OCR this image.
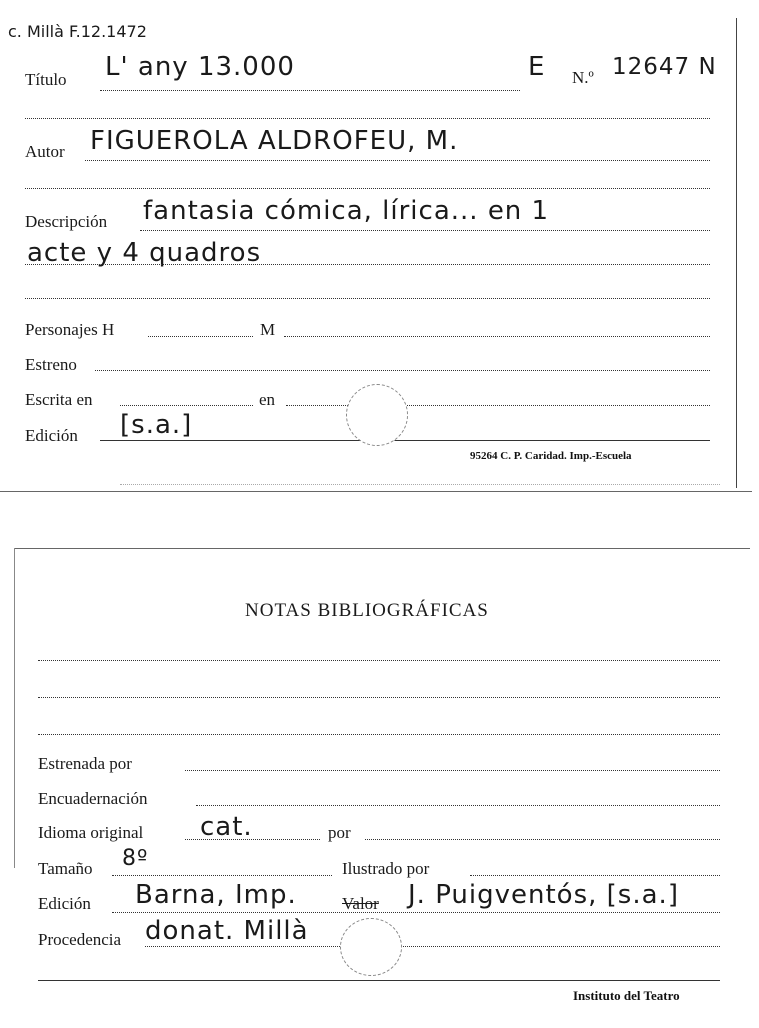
c. Millà F.12.1472
Título L' any 13.000	E N.º 12647 N
Autor FIGUEROLA ALDROFEU, M.
Descripción fantasia cómica, lírica... en 1
acte y 4 quadros
Personajes H	M
Estreno
Escrita en	en
Edición [s.a.]
95264 C. P. Caridad. Imp.-Escuela
NOTAS BIBLIOGRÁFICAS
Estrenada por
Encuadernación
Idioma original cat.	por
Tamaño 8º	Ilustrado por
Edición Barna, Imp.	Valor J. Puigventós, [s.a.]
Procedencia donat. Millà
Instituto del Teatro
